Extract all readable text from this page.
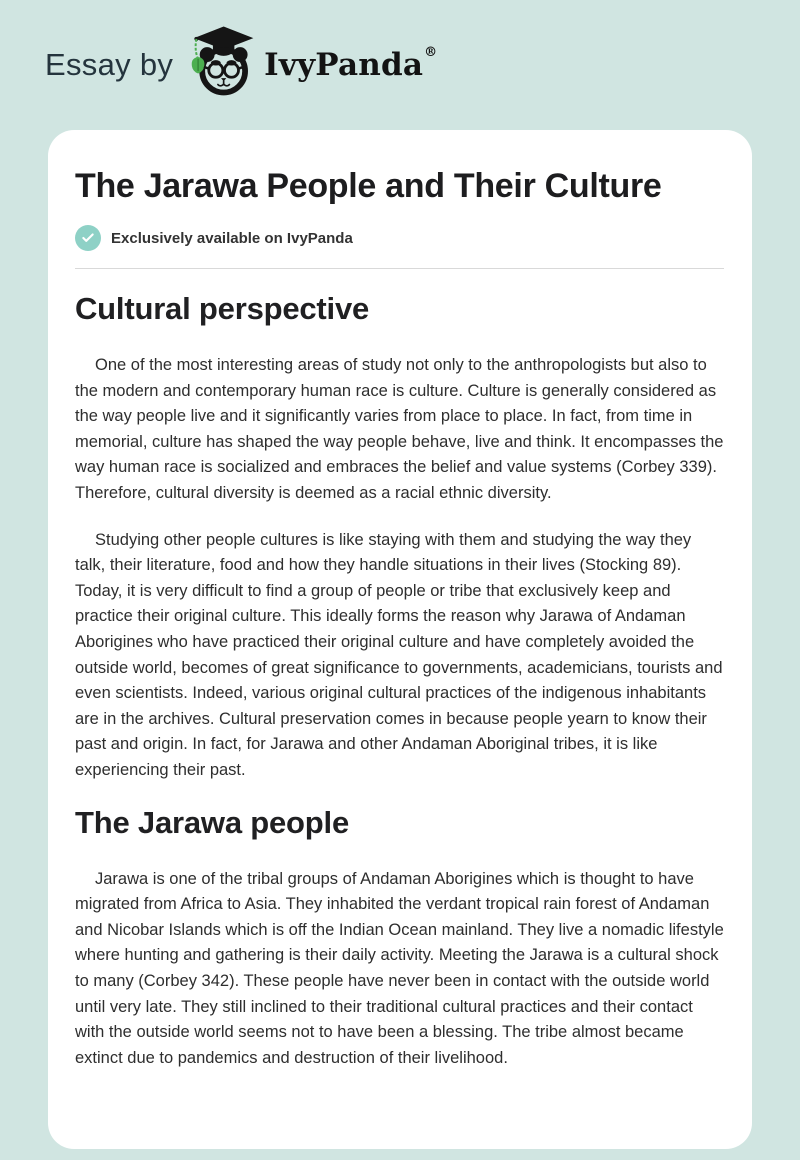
Essay by	IvyPanda ®
The Jarawa People and Their Culture
Exclusively available on IvyPanda
Cultural perspective

One of the most interesting areas of study not only to the anthropologists but also to the modern and contemporary human race is culture. Culture is generally considered as the way people live and it significantly varies from place to place. In fact, from time in memorial, culture has shaped the way people behave, live and think. It encompasses the way human race is socialized and embraces the belief and value systems (Corbey 339). Therefore, cultural diversity is deemed as a racial ethnic diversity.

Studying other people cultures is like staying with them and studying the way they talk, their literature, food and how they handle situations in their lives (Stocking 89). Today, it is very difficult to find a group of people or tribe that exclusively keep and practice their original culture. This ideally forms the reason why Jarawa of Andaman Aborigines who have practiced their original culture and have completely avoided the outside world, becomes of great significance to governments, academicians, tourists and even scientists. Indeed, various original cultural practices of the indigenous inhabitants are in the archives. Cultural preservation comes in because people yearn to know their past and origin. In fact, for Jarawa and other Andaman Aboriginal tribes, it is like experiencing their past.

The Jarawa people

Jarawa is one of the tribal groups of Andaman Aborigines which is thought to have migrated from Africa to Asia. They inhabited the verdant tropical rain forest of Andaman and Nicobar Islands which is off the Indian Ocean mainland. They live a nomadic lifestyle where hunting and gathering is their daily activity. Meeting the Jarawa is a cultural shock to many (Corbey 342). These people have never been in contact with the outside world until very late. They still inclined to their traditional cultural practices and their contact with the outside world seems not to have been a blessing. The tribe almost became extinct due to pandemics and destruction of their livelihood.
